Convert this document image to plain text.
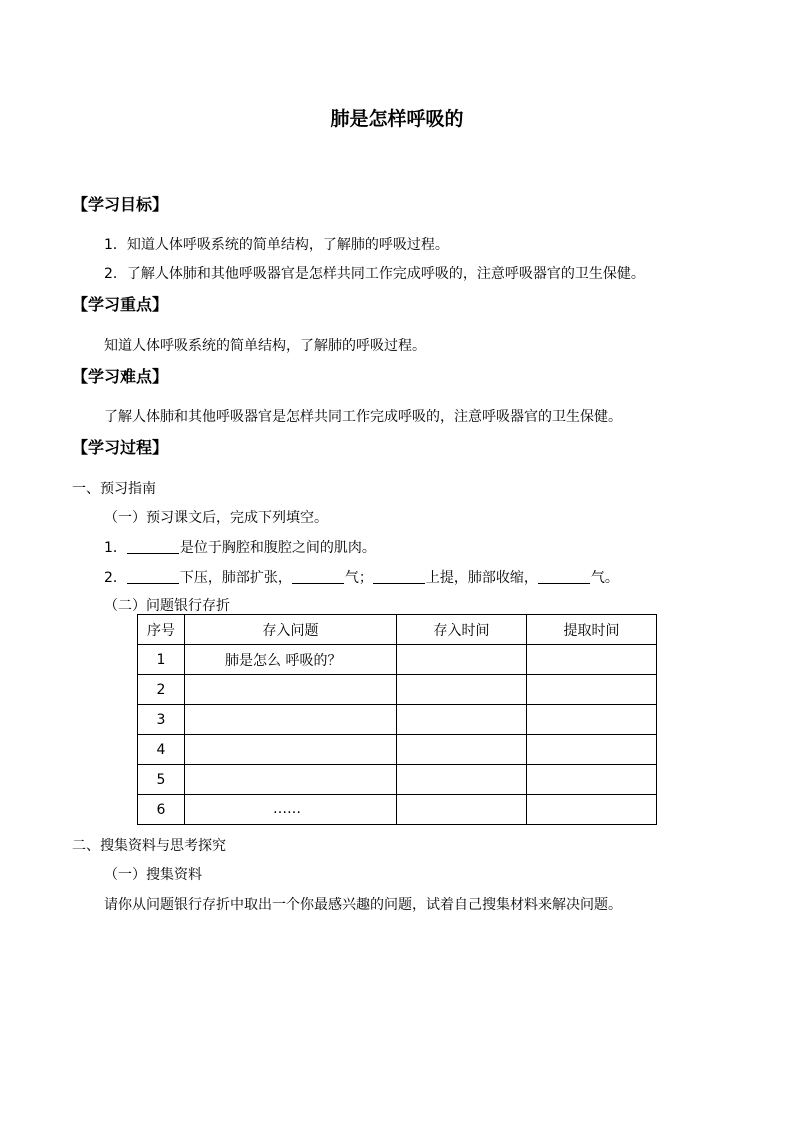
肺是怎样呼吸的
【学习目标】
1．知道人体呼吸系统的简单结构，了解肺的呼吸过程。
2．了解人体肺和其他呼吸器官是怎样共同工作完成呼吸的，注意呼吸器官的卫生保健。
【学习重点】
知道人体呼吸系统的简单结构，了解肺的呼吸过程。
【学习难点】
了解人体肺和其他呼吸器官是怎样共同工作完成呼吸的，注意呼吸器官的卫生保健。
【学习过程】
一、预习指南
（一）预习课文后，完成下列填空。
1．	是位于胸腔和腹腔之间的肌肉。
2．	下压，肺部扩张，	气；	上提，肺部收缩，	气。
（二）问题银行存折
序号	存入问题	存入时间	提取时间
1	肺是怎么 呼吸的？		
2			
3			
4			
5			
6	……		
二、搜集资料与思考探究
（一）搜集资料
请你从问题银行存折中取出一个你最感兴趣的问题，试着自己搜集材料来解决问题。
